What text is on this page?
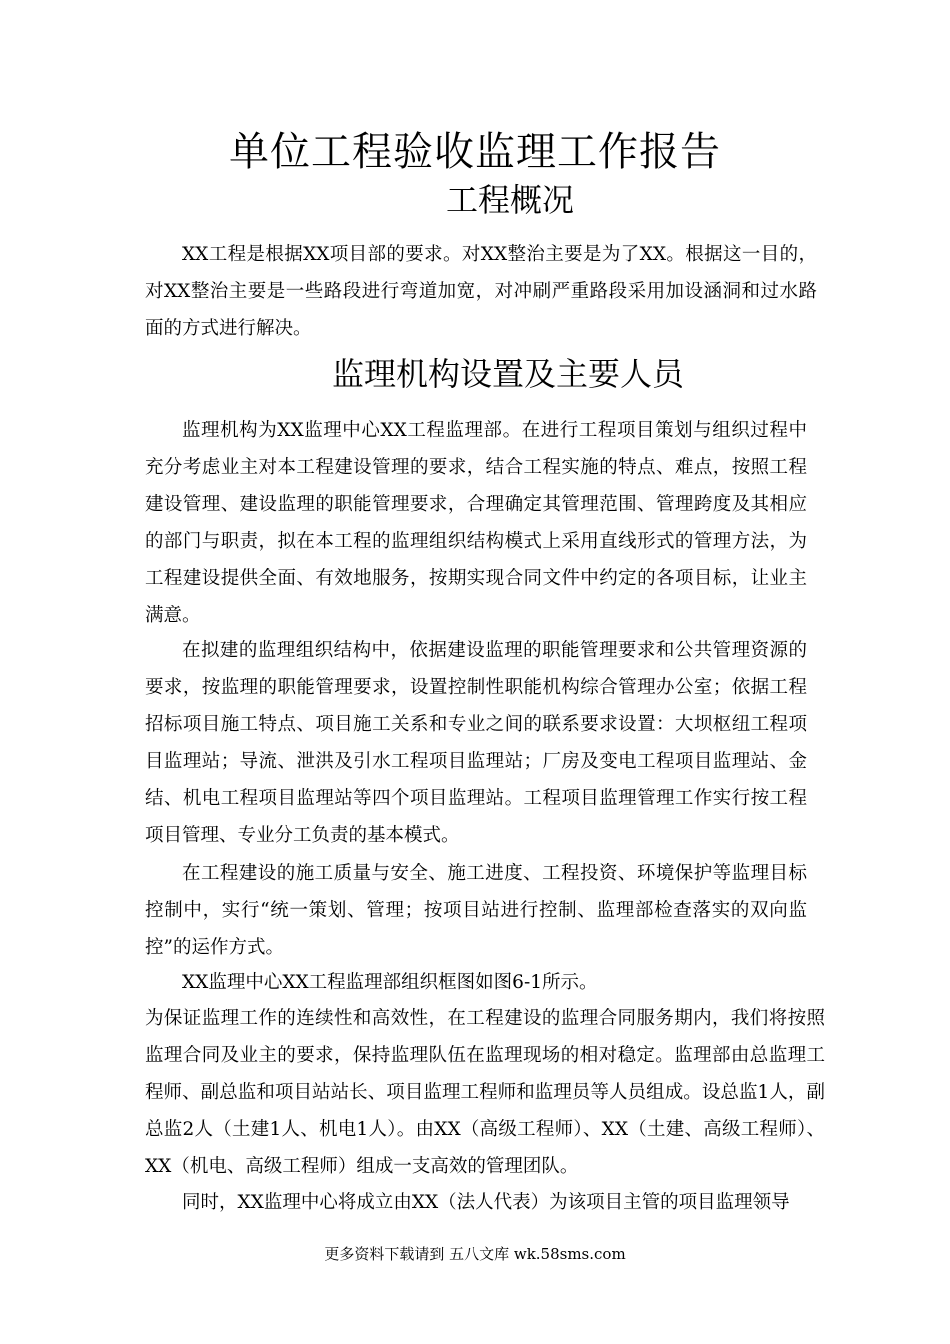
单位工程验收监理工作报告
工程概况

XX工程是根据XX项目部的要求。对XX整治主要是为了XX。根据这一目的，对XX整治主要是一些路段进行弯道加宽，对冲刷严重路段采用加设涵洞和过水路面的方式进行解决。

监理机构设置及主要人员

监理机构为XX监理中心XX工程监理部。在进行工程项目策划与组织过程中充分考虑业主对本工程建设管理的要求，结合工程实施的特点、难点，按照工程建设管理、建设监理的职能管理要求，合理确定其管理范围、管理跨度及其相应的部门与职责，拟在本工程的监理组织结构模式上采用直线形式的管理方法，为工程建设提供全面、有效地服务，按期实现合同文件中约定的各项目标，让业主满意。

在拟建的监理组织结构中，依据建设监理的职能管理要求和公共管理资源的要求，按监理的职能管理要求，设置控制性职能机构综合管理办公室；依据工程招标项目施工特点、项目施工关系和专业之间的联系要求设置：大坝枢纽工程项目监理站；导流、泄洪及引水工程项目监理站；厂房及变电工程项目监理站、金结、机电工程项目监理站等四个项目监理站。工程项目监理管理工作实行按工程项目管理、专业分工负责的基本模式。

在工程建设的施工质量与安全、施工进度、工程投资、环境保护等监理目标控制中，实行“统一策划、管理；按项目站进行控制、监理部检查落实的双向监控”的运作方式。

XX监理中心XX工程监理部组织框图如图6-1所示。

为保证监理工作的连续性和高效性，在工程建设的监理合同服务期内，我们将按照监理合同及业主的要求，保持监理队伍在监理现场的相对稳定。监理部由总监理工程师、副总监和项目站站长、项目监理工程师和监理员等人员组成。设总监1人，副总监2人（土建1人、机电1人）。由XX（高级工程师）、XX（土建、高级工程师）、XX（机电、高级工程师）组成一支高效的管理团队。

同时，XX监理中心将成立由XX（法人代表）为该项目主管的项目监理领导

更多资料下载请到 五八文库 wk.58sms.com
